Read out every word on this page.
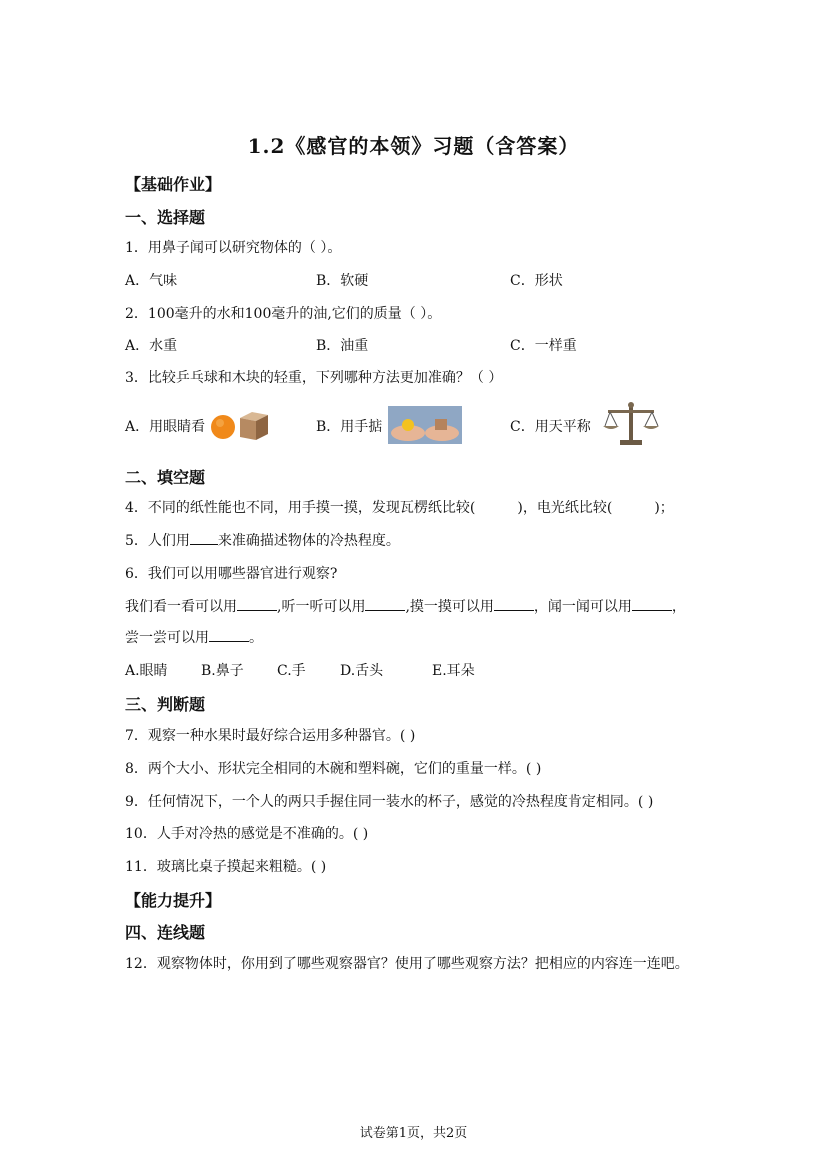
1.2《感官的本领》习题（含答案）
【基础作业】
一、选择题
1．用鼻子闻可以研究物体的（ ）。
A．气味	B．软硬	C．形状
2．100毫升的水和100毫升的油,它们的质量（ ）。
A．水重	B．油重	C．一样重
3．比较乒乓球和木块的轻重，下列哪种方法更加准确？（ ）
A．用眼睛看	B．用手掂	C．用天平称
二、填空题
4．不同的纸性能也不同，用手摸一摸，发现瓦楞纸比较(	)，电光纸比较(	)；
5．人们用 来准确描述物体的冷热程度。
6．我们可以用哪些器官进行观察?
我们看一看可以用	,听一听可以用	,摸一摸可以用	，闻一闻可以用	，
尝一尝可以用	。
A.眼睛 B.鼻子 C.手 D.舌头	E.耳朵
三、判断题
7．观察一种水果时最好综合运用多种器官。( )
8．两个大小、形状完全相同的木碗和塑料碗，它们的重量一样。( )
9．任何情况下，一个人的两只手握住同一装水的杯子，感觉的冷热程度肯定相同。( )
10．人手对冷热的感觉是不准确的。( )
11．玻璃比桌子摸起来粗糙。( )
【能力提升】
四、连线题
12．观察物体时，你用到了哪些观察器官？使用了哪些观察方法？把相应的内容连一连吧。
试卷第1页，共2页
